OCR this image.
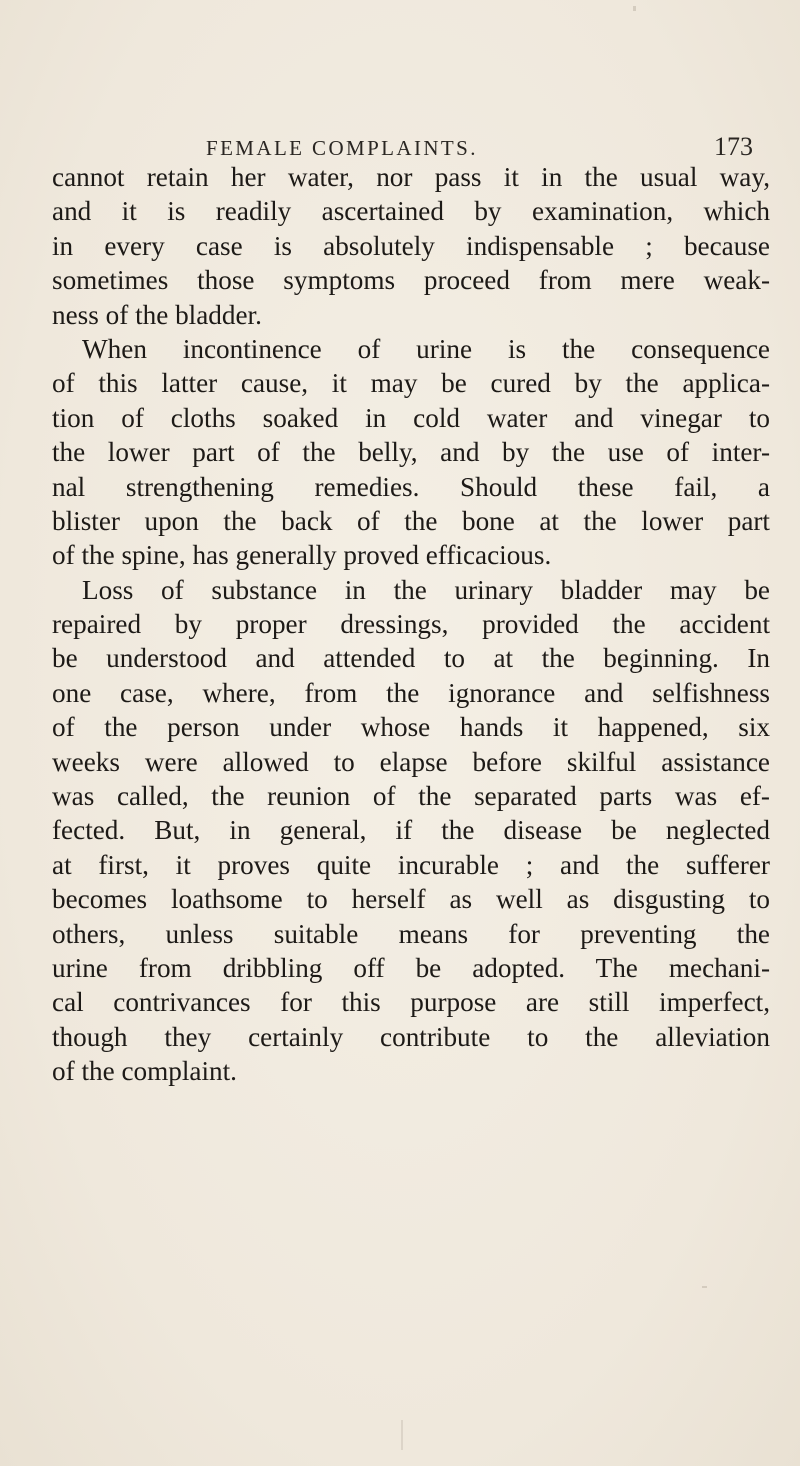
FEMALE COMPLAINTS.	173
cannot retain her water, nor pass it in the usual way,
and it is readily ascertained by examination, which
in every case is absolutely indispensable ; because
sometimes those symptoms proceed from mere weak-
ness of the bladder.
When incontinence of urine is the consequence
of this latter cause, it may be cured by the applica-
tion of cloths soaked in cold water and vinegar to
the lower part of the belly, and by the use of inter-
nal strengthening remedies. Should these fail, a
blister upon the back of the bone at the lower part
of the spine, has generally proved efficacious.
Loss of substance in the urinary bladder may be
repaired by proper dressings, provided the accident
be understood and attended to at the beginning. In
one case, where, from the ignorance and selfishness
of the person under whose hands it happened, six
weeks were allowed to elapse before skilful assistance
was called, the reunion of the separated parts was ef-
fected. But, in general, if the disease be neglected
at first, it proves quite incurable ; and the sufferer
becomes loathsome to herself as well as disgusting to
others, unless suitable means for preventing the
urine from dribbling off be adopted. The mechani-
cal contrivances for this purpose are still imperfect,
though they certainly contribute to the alleviation
of the complaint.
